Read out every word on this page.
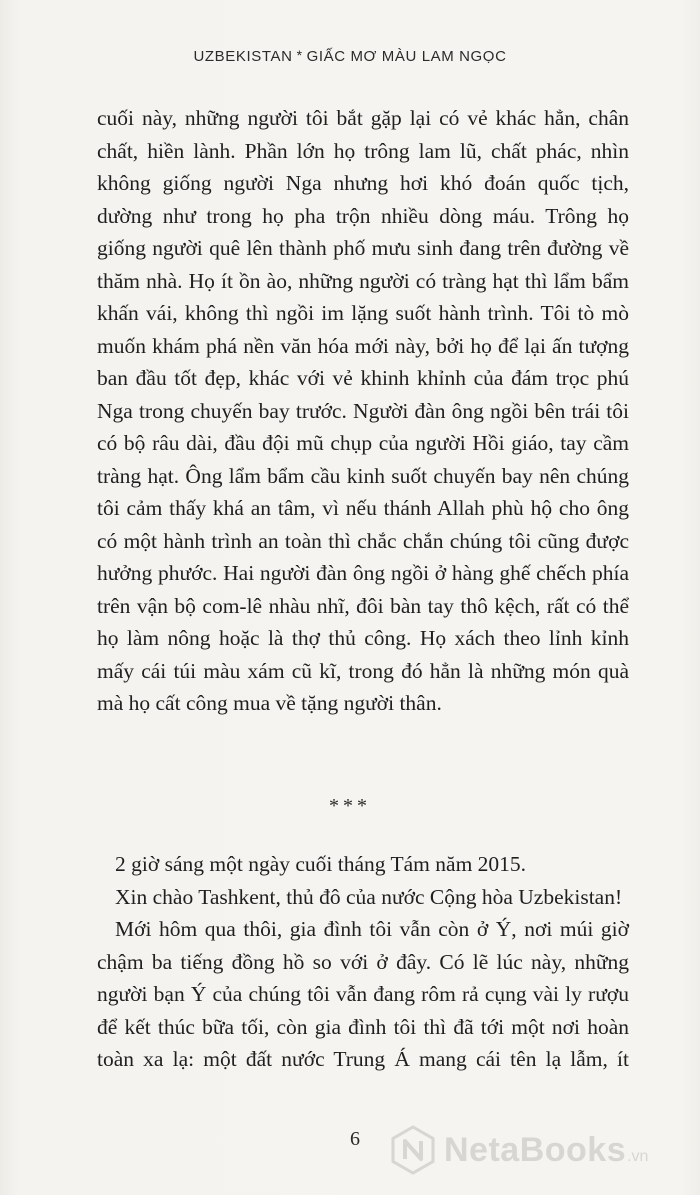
UZBEKISTAN * GIẤC MƠ MÀU LAM NGỌC
cuối này, những người tôi bắt gặp lại có vẻ khác hẳn, chân
chất, hiền lành. Phần lớn họ trông lam lũ, chất phác, nhìn
không giống người Nga nhưng hơi khó đoán quốc tịch,
dường như trong họ pha trộn nhiều dòng máu. Trông họ
giống người quê lên thành phố mưu sinh đang trên đường về
thăm nhà. Họ ít ồn ào, những người có tràng hạt thì lẩm bẩm
khấn vái, không thì ngồi im lặng suốt hành trình. Tôi tò mò
muốn khám phá nền văn hóa mới này, bởi họ để lại ấn tượng
ban đầu tốt đẹp, khác với vẻ khinh khỉnh của đám trọc phú
Nga trong chuyến bay trước. Người đàn ông ngồi bên trái tôi
có bộ râu dài, đầu đội mũ chụp của người Hồi giáo, tay cầm
tràng hạt. Ông lẩm bẩm cầu kinh suốt chuyến bay nên chúng
tôi cảm thấy khá an tâm, vì nếu thánh Allah phù hộ cho ông
có một hành trình an toàn thì chắc chắn chúng tôi cũng được
hưởng phước. Hai người đàn ông ngồi ở hàng ghế chếch phía
trên vận bộ com-lê nhàu nhĩ, đôi bàn tay thô kệch, rất có thể
họ làm nông hoặc là thợ thủ công. Họ xách theo lỉnh kỉnh
mấy cái túi màu xám cũ kĩ, trong đó hẳn là những món quà
mà họ cất công mua về tặng người thân.
***
2 giờ sáng một ngày cuối tháng Tám năm 2015.
Xin chào Tashkent, thủ đô của nước Cộng hòa Uzbekistan!
Mới hôm qua thôi, gia đình tôi vẫn còn ở Ý, nơi múi giờ
chậm ba tiếng đồng hồ so với ở đây. Có lẽ lúc này, những
người bạn Ý của chúng tôi vẫn đang rôm rả cụng vài ly rượu
để kết thúc bữa tối, còn gia đình tôi thì đã tới một nơi hoàn
toàn xa lạ: một đất nước Trung Á mang cái tên lạ lẫm, ít
6	NetaBooks .vn
